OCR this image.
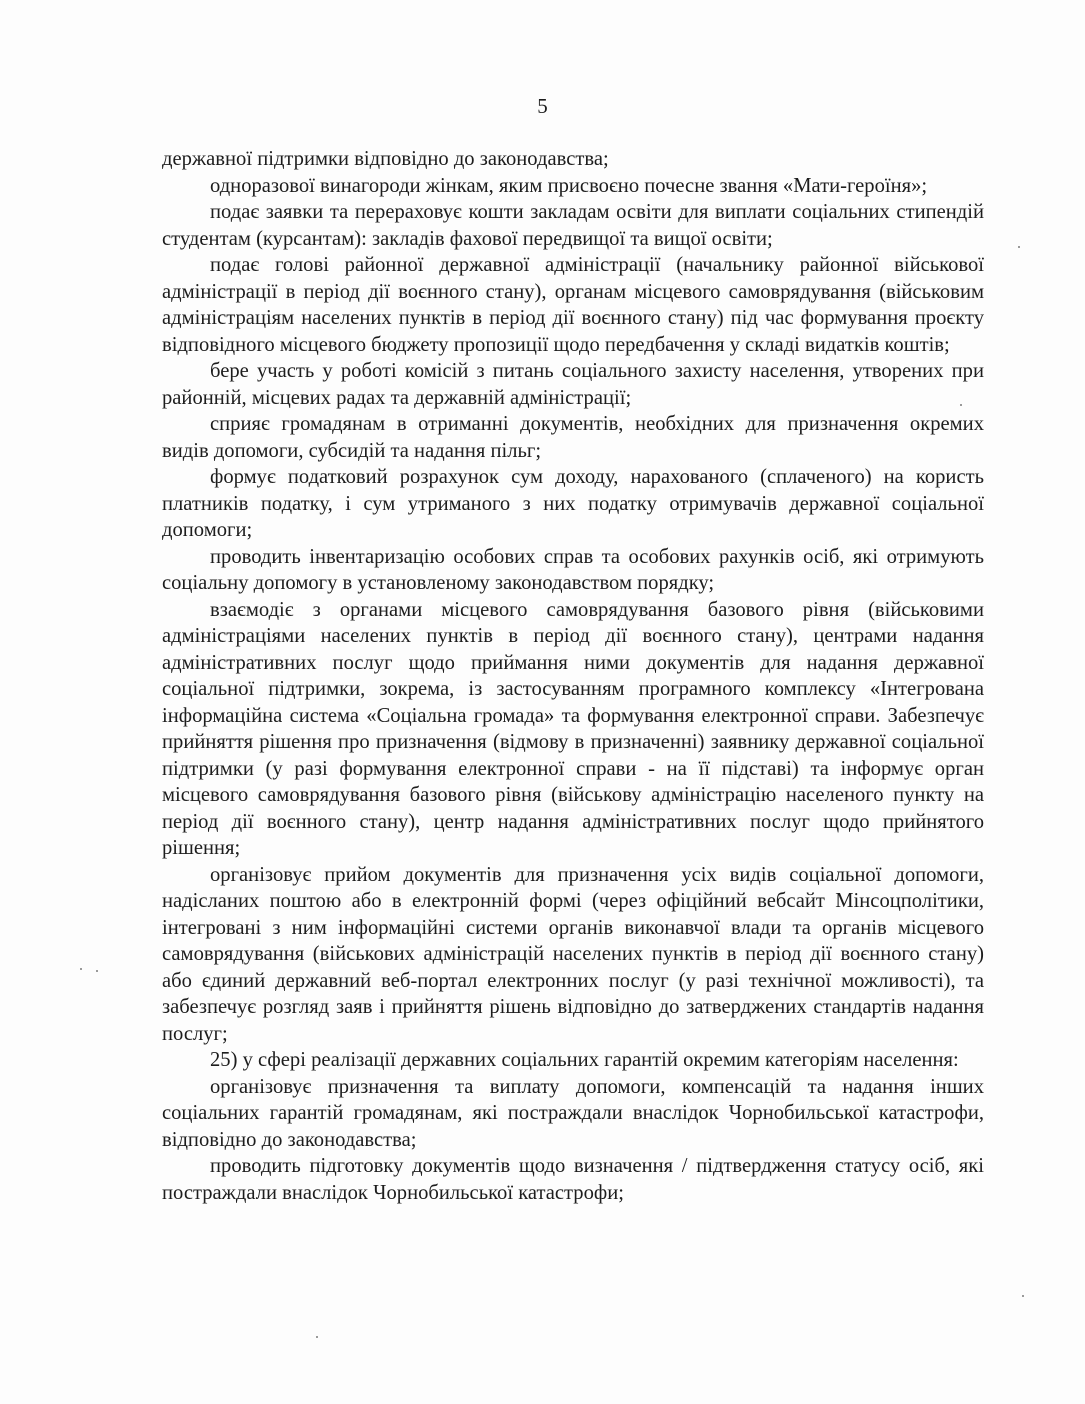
5

державної підтримки відповідно до законодавства;

одноразової винагороди жінкам, яким присвоєно почесне звання «Мати-героїня»;

подає заявки та перераховує кошти закладам освіти для виплати соціальних стипендій студентам (курсантам): закладів фахової передвищої та вищої освіти;

подає голові районної державної адміністрації (начальнику районної військової адміністрації в період дії воєнного стану), органам місцевого самоврядування (військовим адміністраціям населених пунктів в період дії воєнного стану) під час формування проєкту відповідного місцевого бюджету пропозиції щодо передбачення у складі видатків коштів;

бере участь у роботі комісій з питань соціального захисту населення, утворених при районній, місцевих радах та державній адміністрації;

сприяє громадянам в отриманні документів, необхідних для призначення окремих видів допомоги, субсидій та надання пільг;

формує податковий розрахунок сум доходу, нарахованого (сплаченого) на користь платників податку, і сум утриманого з них податку отримувачів державної соціальної допомоги;

проводить інвентаризацію особових справ та особових рахунків осіб, які отримують соціальну допомогу в установленому законодавством порядку;

взаємодіє з органами місцевого самоврядування базового рівня (військовими адміністраціями населених пунктів в період дії воєнного стану), центрами надання адміністративних послуг щодо приймання ними документів для надання державної соціальної підтримки, зокрема, із застосуванням програмного комплексу «Інтегрована інформаційна система «Соціальна громада» та формування електронної справи. Забезпечує прийняття рішення про призначення (відмову в призначенні) заявнику державної соціальної підтримки (у разі формування електронної справи - на її підставі) та інформує орган місцевого самоврядування базового рівня (військову адміністрацію населеного пункту на період дії воєнного стану), центр надання адміністративних послуг щодо прийнятого рішення;

організовує прийом документів для призначення усіх видів соціальної допомоги, надісланих поштою або в електронній формі (через офіційний вебсайт Мінсоцполітики, інтегровані з ним інформаційні системи органів виконавчої влади та органів місцевого самоврядування (військових адміністрацій населених пунктів в період дії воєнного стану) або єдиний державний веб-портал електронних послуг (у разі технічної можливості), та забезпечує розгляд заяв і прийняття рішень відповідно до затверджених стандартів надання послуг;

25) у сфері реалізації державних соціальних гарантій окремим категоріям населення:

організовує призначення та виплату допомоги, компенсацій та надання інших соціальних гарантій громадянам, які постраждали внаслідок Чорнобильської катастрофи, відповідно до законодавства;

проводить підготовку документів щодо визначення / підтвердження статусу осіб, які постраждали внаслідок Чорнобильської катастрофи;
